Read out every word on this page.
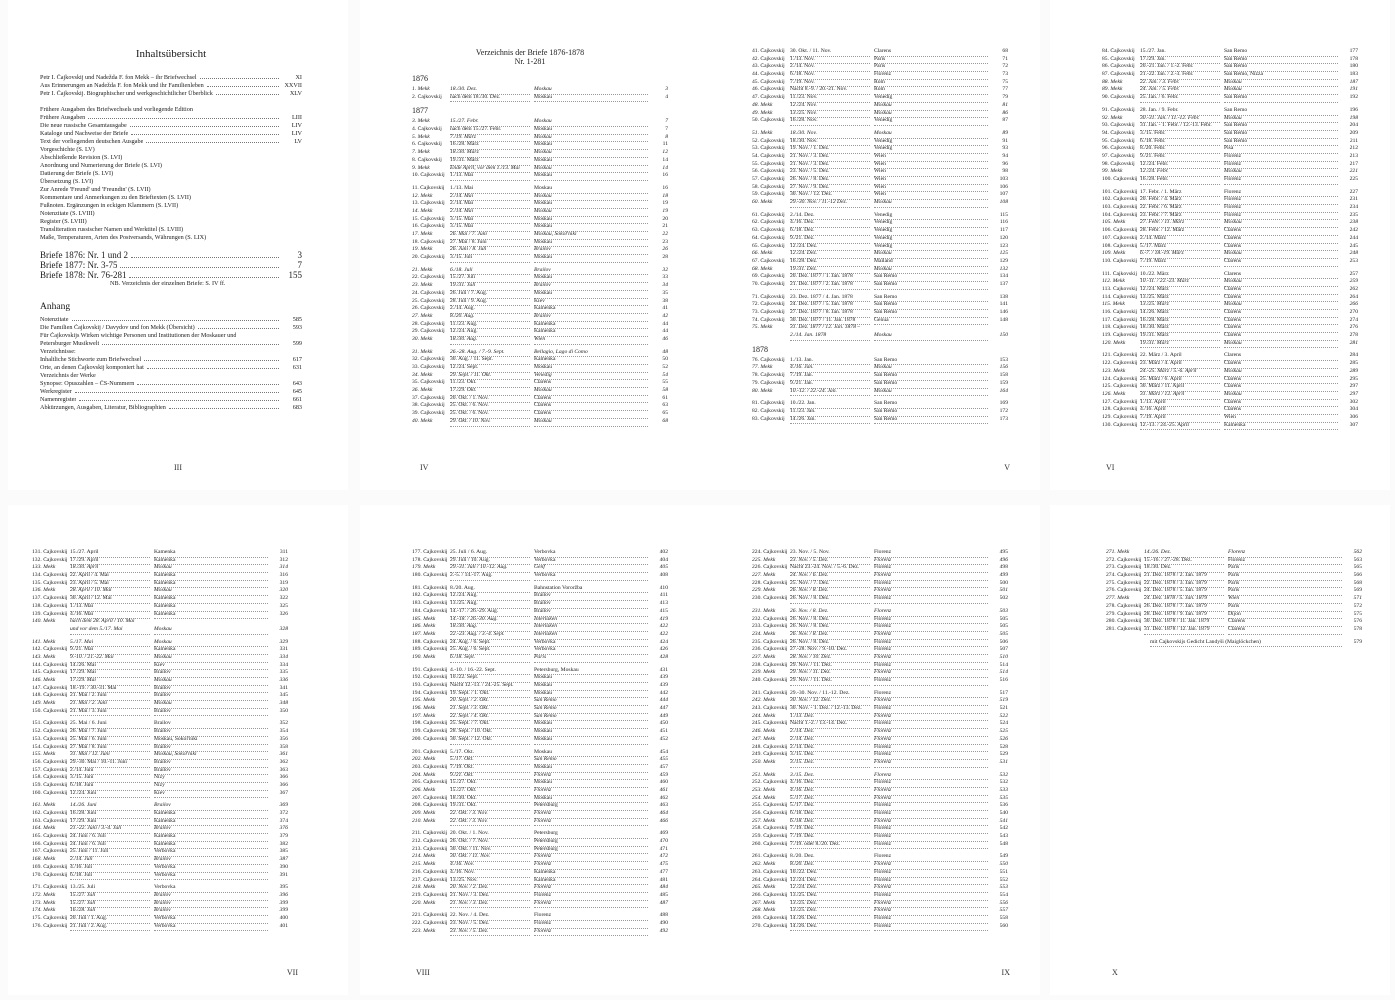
Inhaltsübersicht
Petr I. Čajkovskij und Nadežda F. fon Mekk – ihr Briefwechsel	XI
Aus Erinnerungen an Nadežda F. fon Mekk und ihr Familienleben	XXVII
Petr I. Čajkovskij. Biographischer und werkgeschichtlicher Überblick	XLV
Frühere Ausgaben des Briefwechsels und vorliegende Edition
Frühere Ausgaben	LIII
Die neue russische Gesamtausgabe	LIV
Kataloge und Nachweise der Briefe	LIV
Text der vorliegenden deutschen Ausgabe	LV
Vorgeschichte (S. LV)
Abschließende Revision (S. LVI)
Anordnung und Numerierung der Briefe (S. LVI)
Datierung der Briefe (S. LVI)
Übersetzung (S. LVI)
Zur Anrede 'Freund' und 'Freundin' (S. LVII)
Kommentare und Anmerkungen zu den Brieftexten (S. LVII)
Fußnoten. Ergänzungen in eckigen Klammern (S. LVII)
Notenzitate (S. LVIII)
Register (S. LVIII)
Transliteration russischer Namen und Werktitel (S. LVIII)
Maße, Temperaturen, Arten des Postversands, Währungen (S. LIX)
Briefe 1876: Nr. 1 und 2	3
Briefe 1877: Nr. 3-75	7
Briefe 1878: Nr. 76-281	155
NB. Verzeichnis der einzelnen Briefe: S. IV ff.
Anhang
Notenzitate	585
Die Familien Čajkovskij / Davydov und fon Mekk (Übersicht)	593
Für Čajkovskijs Wirken wichtige Personen und Institutionen der Moskauer und
Petersburger Musikwelt	599
Verzeichnisse:
Inhaltliche Stichworte zum Briefwechsel	617
Orte, an denen Čajkovskij komponiert hat	631
Verzeichnis der Werke
Synopse: Opuszahlen – ČS-Nummern	643
Werkregister	645
Namenregister	661
Abkürzungen, Ausgaben, Literatur, Bibliographien	683
III
Verzeichnis der Briefe 1876-1878
Nr. 1-281
1876
1. Mekk	18./30. Dez.	Moskau	3
2. Čajkovskij	nach dem 18./30. Dez.	Moskau	4
1877
3. Mekk	15./27. Febr.	Moskau	7
4. Čajkovskij	nach dem 15./27. Febr.	Moskau	7
5. Mekk	7./19. März	Moskau	8
6. Čajkovskij	16./28. März	Moskau	11
7. Mekk	18./30. März	Moskau	12
8. Čajkovskij	19./31. März	Moskau	14
9. Mekk	Ende April, vor dem 1./13. Mai	Moskau	14
10. Čajkovskij 1./13. Mai	Moskau	16
11. Čajkovskij 1./13. Mai	Moskau	16
12. Mekk	2./14. Mai	Moskau	18
13. Čajkovskij 2./14. Mai	Moskau	19
14. Mekk	2./14. Mai	Moskau	19
15. Čajkovskij 3./15. Mai	Moskau	20
16. Čajkovskij 3./15. Mai	Moskau	21
17. Mekk	26. Mai / 7. Juni	Moskau, Sokol'niki	22
18. Čajkovskij 27. Mai / 8. Juni	Moskau	23
19. Mekk	26. Juni / 8. Juli	Brailov	26
20. Čajkovskij 3./15. Juli	Moskau	28
21. Mekk	6./18. Juli	Brailov	32
22. Čajkovskij 15./27. Juli	Moskau	33
23. Mekk	19./31. Juli	Brailov	34
24. Čajkovskij 26. Juli / 7. Aug.	Moskau	35
25. Čajkovskij 28. Juli / 9. Aug.	Kiev	38
26. Čajkovskij 2./14. Aug.	Kamenka	41
27. Mekk	8./20. Aug.	Brailov	42
28. Čajkovskij 11./23. Aug.	Kamenka	44
29. Čajkovskij 12./24. Aug.	Kamenka	44
30. Mekk	18./30. Aug.	Wien	46
31. Mekk	26.-28. Aug. / 7.-9. Sept.	Bellagio, Lago di Como	48
32. Čajkovskij 30. Aug. / 11. Sept.	Kamenka	50
33. Čajkovskij 12./24. Sept.	Moskau	52
34. Mekk	29. Sept. / 11. Okt.	Venedig	54
35. Čajkovskij 11./23. Okt.	Clarens	55
36. Mekk	17./29. Okt.	Moskau	58
37. Čajkovskij 20. Okt. / 1. Nov.	Clarens	61
38. Čajkovskij 25. Okt. / 6. Nov.	Clarens	63
39. Čajkovskij 25. Okt. / 6. Nov.	Clarens	65
40. Mekk	29. Okt. / 10. Nov.	Moskau	68
IV
41. Čajkovskij 30. Okt. / 11. Nov.	Clarens	68
42. Čajkovskij 1./13. Nov.	Paris	71
43. Čajkovskij 2./14. Nov.	Paris	72
44. Čajkovskij 6./18. Nov.	Florenz	73
45. Čajkovskij 7./19. Nov.	Rom	75
46. Čajkovskij Nacht 8.-9. / 20.-21. Nov.	Rom	77
47. Čajkovskij 11./23. Nov.	Venedig	79
48. Mekk	12./24. Nov.	Moskau	81
49. Mekk	13./25. Nov.	Moskau	86
50. Čajkovskij 16./28. Nov.	Venedig	87
51. Mekk	18./30. Nov.	Moskau	89
52. Čajkovskij 18./30. Nov.	Venedig	91
53. Čajkovskij 19. Nov. / 1. Dez.	Venedig	93
54. Čajkovskij 21. Nov. / 3. Dez.	Wien	94
55. Čajkovskij 21. Nov. / 3. Dez.	Wien	96
56. Čajkovskij 23. Nov. / 5. Dez.	Wien	98
57. Čajkovskij 26. Nov. / 8. Dez.	Wien	103
58. Čajkovskij 27. Nov. / 9. Dez.	Wien	106
59. Čajkovskij 30. Nov. / 12. Dez.	Wien	107
60. Mekk	29.-30. Nov. / 11.-12 Dez.	Moskau	108
61. Čajkovskij 2./14. Dez.	Venedig	115
62. Čajkovskij 4./16. Dez.	Venedig	116
63. Čajkovskij 6./18. Dez.	Venedig	117
64. Čajkovskij 9./21. Dez.	Venedig	120
65. Čajkovskij 12./24. Dez.	Venedig	123
66. Mekk	12./24. Dez.	Moskau	125
67. Čajkovskij 16./28. Dez.	Mailand	129
68. Mekk	19./31. Dez.	Moskau	132
69. Čajkovskij 20. Dez. 1877 / 1. Jan. 1878	San Remo	134
70. Čajkovskij 21. Dez. 1877 / 2. Jan. 1878	San Remo	137
71. Čajkovskij 23. Dez. 1877 / 4. Jan. 1878	San Remo	138
72. Čajkovskij 24. Dez. 1877 / 5. Jan. 1878	San Remo	141
73. Čajkovskij 27. Dez. 1877 / 8. Jan. 1878	San Remo	146
74. Čajkovskij 30. Dez. 1877 / 11. Jan. 1878	Genua	148
75. Mekk	31. Dez. 1877 / 12. Jan. 1878 –
2./14. Jan. 1878	Moskau	150
1878
76. Čajkovskij 1./13. Jan.	San Remo	153
77. Mekk	4./16. Jan.	Moskau	156
78. Čajkovskij 7./19. Jan.	San Remo	158
79. Čajkovskij 9./21. Jan.	San Remo	159
80. Mekk	10.-12. / 22.-24. Jan.	Moskau	164
81. Čajkovskij 10./22. Jan.	San Remo	169
82. Čajkovskij 11./23. Jan.	San Remo	172
83. Čajkovskij 14./26. Jan.	San Remo	173
V
84. Čajkovskij 15./27. Jan.	San Remo	177
85. Čajkovskij 17./29. Jan.	San Remo	178
86. Čajkovskij 20.-21. Jan. / 1.-2. Febr.	San Remo	180
87. Čajkovskij 21.-22. Jan. / 2.-3. Febr.	San Remo, Nizza	183
88. Mekk	22. Jan. / 3. Febr.	Moskau	187
89. Mekk	24. Jan. / 5. Febr.	Moskau	191
90. Čajkovskij 25. Jan. / 6. Febr.	San Remo	192
91. Čajkovskij 28. Jan. / 9. Febr.	San Remo	196
92. Mekk	30.-31. Jan. / 11.-12. Febr.	Moskau	198
93. Čajkovskij 31. Jan. - 1. Febr. / 12.-13. Febr.	San Remo	204
94. Čajkovskij 3./15. Febr.	San Remo	209
95. Čajkovskij 6./18. Febr.	San Remo	211
96. Čajkovskij 8./20. Febr.	Pisa	212
97. Čajkovskij 9./21. Febr.	Florenz	213
98. Čajkovskij 12./24. Febr.	Florenz	217
99. Mekk	12./24. Febr.	Moskau	221
100. Čajkovskij 16./28. Febr.	Florenz	225
101. Čajkovskij 17. Febr. / 1. März	Florenz	227
102. Čajkovskij 20. Febr. / 4. März	Florenz	231
103. Čajkovskij 22. Febr. / 6. März	Florenz	234
104. Čajkovskij 23. Febr. / 7. März	Florenz	235
105. Mekk	27. Febr. / 11. März	Moskau	238
106. Čajkovskij 28. Febr. / 12. März	Clarens	242
107. Čajkovskij 2./14. März	Clarens	244
108. Čajkovskij 5./17. März	Clarens	245
109. Mekk	6.-7. / 18.-19. März	Moskau	248
110. Čajkovskij 7./19. März	Clarens	253
111. Čajkovskij 10./22. März	Clarens	257
112. Mekk	10.-11. / 22.-23. März	Moskau	259
113. Čajkovskij 12./24. März	Clarens	262
114. Čajkovskij 13./25. März	Clarens	264
115. Mekk	13./25. März	Moskau	266
116. Čajkovskij 14./26. März	Clarens	270
117. Čajkovskij 16./28. März	Clarens	274
118. Čajkovskij 18./30. März	Clarens	276
119. Čajkovskij 19./31. März	Clarens	278
120. Mekk	19./31. März	Moskau	281
121. Čajkovskij 22. März / 3. April	Clarens	284
122. Čajkovskij 23. März / 4. April	Clarens	285
123. Mekk	24.-25. März / 5.-6. April	Moskau	289
124. Čajkovskij 25. März / 6. April	Clarens	295
125. Čajkovskij 30. März / 11. April	Clarens	297
126. Mekk	31. März / 12. April	Moskau	297
127. Čajkovskij 1./13. April	Clarens	302
128. Čajkovskij 4./16. April	Clarens	304
129. Čajkovskij 7./19. April	Wien	306
130. Čajkovskij 12.-13. / 24.-25. April	Kamenka	307
VI
131. Čajkovskij 15./27. April	Kamenka	311
132. Čajkovskij 17./29. April	Kamenka	312
133. Mekk	18./30. April	Moskau	314
134. Čajkovskij 22. April / 4. Mai	Kamenka	316
135. Čajkovskij 23. April / 5. Mai	Kamenka	319
136. Mekk	28. April / 10. Mai	Moskau	320
137. Čajkovskij 30. April / 12. Mai	Kamenka	322
138. Čajkovskij 1./13. Mai	Kamenka	325
139. Čajkovskij 4./16. Mai	Kamenka	326
140. Mekk	nach dem 28. April / 10. Mai
und vor dem 5./17. Mai	Moskau	328
141. Mekk	5./17. Mai	Moskau	329
142. Čajkovskij 9./21. Mai	Kamenka	331
143. Mekk	9.-10. / 21.-22. Mai	Moskau	334
144. Čajkovskij 14./26. Mai	Kiev	334
145. Čajkovskij 17./29. Mai	Brailov	335
146. Mekk	17./29. Mai	Moskau	336
147. Čajkovskij 18.-19. / 30.-31. Mai	Brailov	341
148. Čajkovskij 21. Mai / 2. Juni	Brailov	345
149. Mekk	21. Mai / 2. Juni	Moskau	348
150. Čajkovskij 21. Mai / 3. Juni	Brailov	350
151. Čajkovskij 25. Mai / 6. Juni	Brailov	352
152. Čajkovskij 26. Mai / 7. Juni	Brailov	354
153. Čajkovskij 25. Mai / 6. Juni	Moskau, Sokol'niki	356
154. Čajkovskij 27. Mai / 8. Juni	Brailov	358
155. Mekk	31. Mai / 12. Juni	Moskau, Sokol'niki	361
156. Čajkovskij 29.-30. Mai / 10.-11. Juni	Brailov	362
157. Čajkovskij 2./14. Juni	Brailov	363
158. Čajkovskij 3./15. Juni	Nizy	366
159. Čajkovskij 6./18. Juni	Nizy	366
160. Čajkovskij 12./24. Juni	Kiev	367
161. Mekk	14./26. Juni	Brailov	369
162. Čajkovskij 16./28. Juni	Kamenka	372
163. Čajkovskij 17./29. Juni	Kamenka	374
164. Mekk	21.-22. Juni / 3.-4. Juli	Brailov	376
165. Čajkovskij 24. Juni / 6. Juli	Kamenka	379
166. Čajkovskij 24. Juni / 6. Juli	Kamenka	382
167. Čajkovskij 25. Juni / 11. Juli	Verbovka	385
168. Mekk	2./14. Juli	Brailov	387
169. Čajkovskij 4./16. Juli	Verbovka	390
170. Čajkovskij 6./18. Juli	Verbovka	391
171. Čajkovskij 13./25. Juli	Verbovka	395
172. Mekk	15./27. Juli	Brailov	396
173. Mekk	15./27. Juli	Brailov	399
174. Mekk	16./28. Juli	Brailov	399
175. Čajkovskij 20. Juli / 1. Aug.	Verbovka	400
176. Čajkovskij 21. Juli / 2. Aug.	Verbovka	401
VII
177. Čajkovskij 25. Juli / 6. Aug.	Verbovka	402
178. Čajkovskij 29. Juli / 10. Aug.	Verbovka	404
179. Mekk	29.-31. Juli / 10.-12. Aug.	Genf	405
180. Čajkovskij 2.-5. / 14.-17. Aug.	Verbovka	408
181. Čajkovskij 8./20. Aug.	Bahnstation Vororžba	410
182. Čajkovskij 12./24. Aug.	Brailov	411
183. Čajkovskij 13./25. Aug.	Brailov	413
184. Čajkovskij 14.-17. / 26.-29. Aug.	Brailov	415
185. Mekk	14.-18. / 26.-30. Aug.	Interlaken	419
186. Mekk	18./30. Aug.	Interlaken	422
187. Mekk	22.-23. Aug. / 3.-4. Sept.	Interlaken	422
188. Čajkovskij 24. Aug. / 6. Sept.	Verbovka	424
189. Čajkovskij 25. Aug. / 6. Sept.	Verbovka	426
190. Mekk	6./18. Sept.	Paris	428
191. Čajkovskij 4.-10. / 16.-22. Sept.	Petersburg, Moskau	431
192. Čajkovskij 10./22. Sept.	Moskau	439
193. Čajkovskij Nacht 12.-13. / 24.-25. Sept.	Moskau	439
194. Čajkovskij 19. Sept. / 1. Okt.	Moskau	442
195. Mekk	20. Sept. / 2. Okt.	San Remo	444
196. Mekk	21. Sept. / 3. Okt.	San Remo	447
197. Mekk	22. Sept. / 4. Okt.	San Remo	449
198. Čajkovskij 25. Sept. / 7. Okt.	Moskau	450
199. Čajkovskij 28. Sept. / 10. Okt.	Moskau	451
200. Čajkovskij 30. Sept. / 12. Okt.	Moskau	452
201. Čajkovskij 5./17. Okt.	Moskau	454
202. Mekk	5./17. Okt.	San Remo	455
203. Čajkovskij 7./19. Okt.	Moskau	457
204. Mekk	9./21. Okt.	Florenz	459
205. Čajkovskij 15./27. Okt.	Moskau	460
206. Mekk	15./27. Okt.	Florenz	461
207. Čajkovskij 18./30. Okt.	Moskau	462
208. Čajkovskij 19./31. Okt.	Petersburg	463
209. Mekk	22. Okt. / 3. Nov.	Florenz	464
210. Mekk	22. Okt. / 3. Nov.	Florenz	466
211. Čajkovskij 20. Okt. / 1. Nov.	Petersburg	469
212. Čajkovskij 26. Okt. / 7. Nov.	Petersburg	470
213. Čajkovskij 30. Okt. / 11. Nov.	Petersburg	471
214. Mekk	30. Okt. / 11. Nov.	Florenz	472
215. Mekk	4./16. Nov.	Florenz	475
216. Čajkovskij 4./16. Nov.	Kamenka	477
217. Čajkovskij 13./25. Nov.	Kamenka	481
218. Mekk	20. Nov. / 2. Dez.	Florenz	484
219. Čajkovskij 21. Nov. / 3. Dez.	Florenz	485
220. Mekk	21. Nov. / 3. Dez.	Florenz	487
221. Čajkovskij 22. Nov. / 4. Dez.	Florenz	488
222. Čajkovskij 23. Nov. / 5. Dez.	Florenz	490
223. Mekk	23. Nov. / 5. Dez.	Florenz	492
VIII
224. Čajkovskij 23. Nov. / 5. Nov.	Florenz	495
225. Mekk	23. Nov. / 5. Dez.	Florenz	496
226. Čajkovskij Nacht 23.-24. Nov. / 5.-6. Dez.	Florenz	498
227. Mekk	24. Nov. / 6. Dez.	Florenz	499
228. Čajkovskij 25. Nov. / 7. Dez.	Florenz	500
229. Mekk	26. Nov. / 8. Dez.	Florenz	501
230. Čajkovskij 26. Nov. / 8. Dez.	Florenz	502
231. Mekk	26. Nov. / 8. Dez.	Florenz	503
232. Čajkovskij 26. Nov. / 8. Dez.	Florenz	505
233. Čajkovskij 26. Nov. / 8. Dez.	Florenz	505
234. Mekk	26. Nov. / 8. Dez.	Florenz	505
235. Čajkovskij 26. Nov. / 8. Dez.	Florenz	506
236. Čajkovskij 27.-28. Nov. / 9.-10. Dez.	Florenz	507
237. Mekk	28. Nov. / 10. Dez.	Florenz	510
238. Čajkovskij 29. Nov. / 11. Dez.	Florenz	514
239. Mekk	29. Nov. / 11. Dez.	Florenz	514
240. Čajkovskij 29. Nov. / 11. Dez.	Florenz	516
241. Čajkovskij 29.-30. Nov. / 11.-12. Dez.	Florenz	517
242. Mekk	30. Nov. / 12. Dez.	Florenz	519
243. Čajkovskij 30. Nov. - 1. Dez. / 12.-13. Dez.	Florenz	521
244. Mekk	1./13. Dez.	Florenz	522
245. Čajkovskij Nacht 1.-2. / 13.-14. Dez.	Florenz	524
246. Mekk	2./14. Dez.	Florenz	525
247. Mekk	2./14. Dez.	Florenz	526
248. Čajkovskij 2./14. Dez.	Florenz	528
249. Čajkovskij 3./15. Dez.	Florenz	529
250. Mekk	3./15. Dez.	Florenz	531
251. Mekk	3./15. Dez.	Florenz	532
252. Čajkovskij 4./16. Dez.	Florenz	532
253. Mekk	4./16. Dez.	Florenz	533
254. Mekk	5./17. Dez.	Florenz	535
255. Čajkovskij 5./17. Dez.	Florenz	536
256. Čajkovskij 6./18. Dez.	Florenz	540
257. Mekk	6./18. Dez.	Florenz	541
258. Čajkovskij 7./19. Dez.	Florenz	542
259. Čajkovskij 7./19. Dez.	Florenz	543
260. Čajkovskij 7./19. oder 8./20. Dez.	Florenz	548
261. Čajkovskij 8./20. Dez.	Florenz	549
262. Mekk	8./20. Dez.	Florenz	550
263. Čajkovskij 10./22. Dez.	Florenz	551
264. Čajkovskij 12./24. Dez.	Florenz	552
265. Mekk	12./24. Dez.	Florenz	553
266. Čajkovskij 13./25. Dez.	Florenz	554
267. Mekk	13./25. Dez.	Florenz	556
268. Mekk	13./25. Dez.	Florenz	557
269. Čajkovskij 14./26. Dez.	Florenz	558
270. Čajkovskij 14./26. Dez.	Florenz	560
IX
271. Mekk	14./26. Dez.	Florenz	562
272. Čajkovskij 15.-16. / 27.-28. Dez.	Florenz	563
273. Čajkovskij 18./30. Dez.	Paris	565
274. Čajkovskij 21. Dez. 1878 / 2. Jan. 1879	Paris	566
275. Čajkovskij 22. Dez. 1878 / 3. Jan. 1879	Paris	568
276. Čajkovskij 24. Dez. 1878 / 5. Jan. 1879	Paris	569
277. Mekk	24. Dez. 1878 / 5. Jan. 1879	Wien	571
278. Čajkovskij 26. Dez. 1878 / 7. Jan. 1879	Paris	572
279. Čajkovskij 28. Dez. 1878 / 9. Jan. 1879	Dijon	575
280. Čajkovskij 30. Dez. 1878 / 11. Jan. 1879	Clarens	576
281. Čajkovskij 31. Dez. 1878 / 12. Jan. 1879	Clarens	578
mit Čajkovskijs Gedicht Landyši (Maiglöckchen)	579
X
